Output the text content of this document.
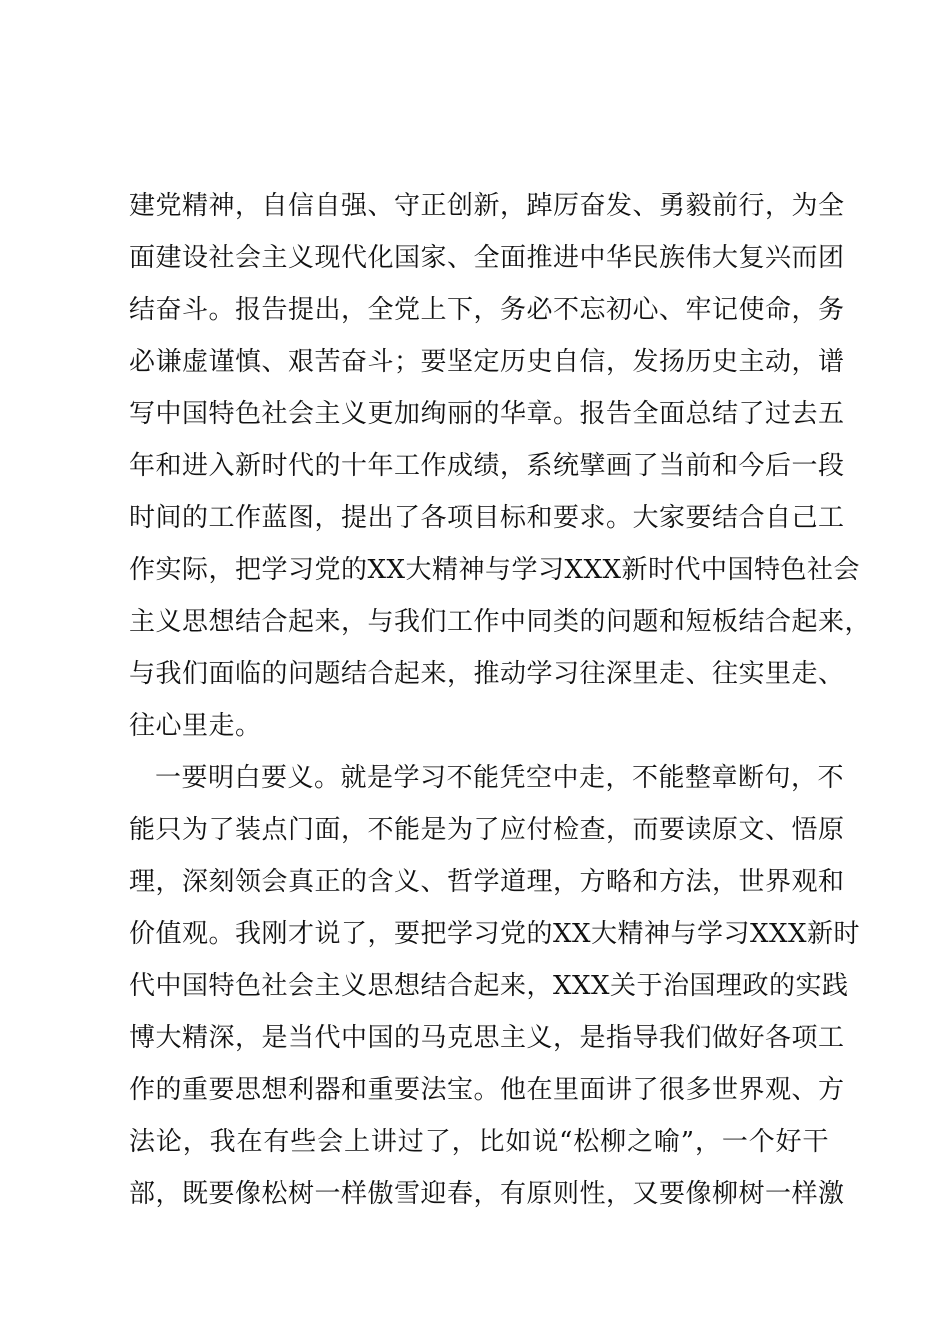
建党精神，自信自强、守正创新，踔厉奋发、勇毅前行，为全
面建设社会主义现代化国家、全面推进中华民族伟大复兴而团
结奋斗。报告提出，全党上下，务必不忘初心、牢记使命，务
必谦虚谨慎、艰苦奋斗；要坚定历史自信，发扬历史主动，谱
写中国特色社会主义更加绚丽的华章。报告全面总结了过去五
年和进入新时代的十年工作成绩，系统擘画了当前和今后一段
时间的工作蓝图，提出了各项目标和要求。大家要结合自己工
作实际，把学习党的XX大精神与学习XXX新时代中国特色社会
主义思想结合起来，与我们工作中同类的问题和短板结合起来，
与我们面临的问题结合起来，推动学习往深里走、往实里走、
往心里走。
一要明白要义。就是学习不能凭空中走，不能整章断句，不
能只为了装点门面，不能是为了应付检查，而要读原文、悟原
理，深刻领会真正的含义、哲学道理，方略和方法，世界观和
价值观。我刚才说了，要把学习党的XX大精神与学习XXX新时
代中国特色社会主义思想结合起来，XXX关于治国理政的实践
博大精深，是当代中国的马克思主义，是指导我们做好各项工
作的重要思想利器和重要法宝。他在里面讲了很多世界观、方
法论，我在有些会上讲过了，比如说“松柳之喻”，一个好干
部，既要像松树一样傲雪迎春，有原则性，又要像柳树一样激
